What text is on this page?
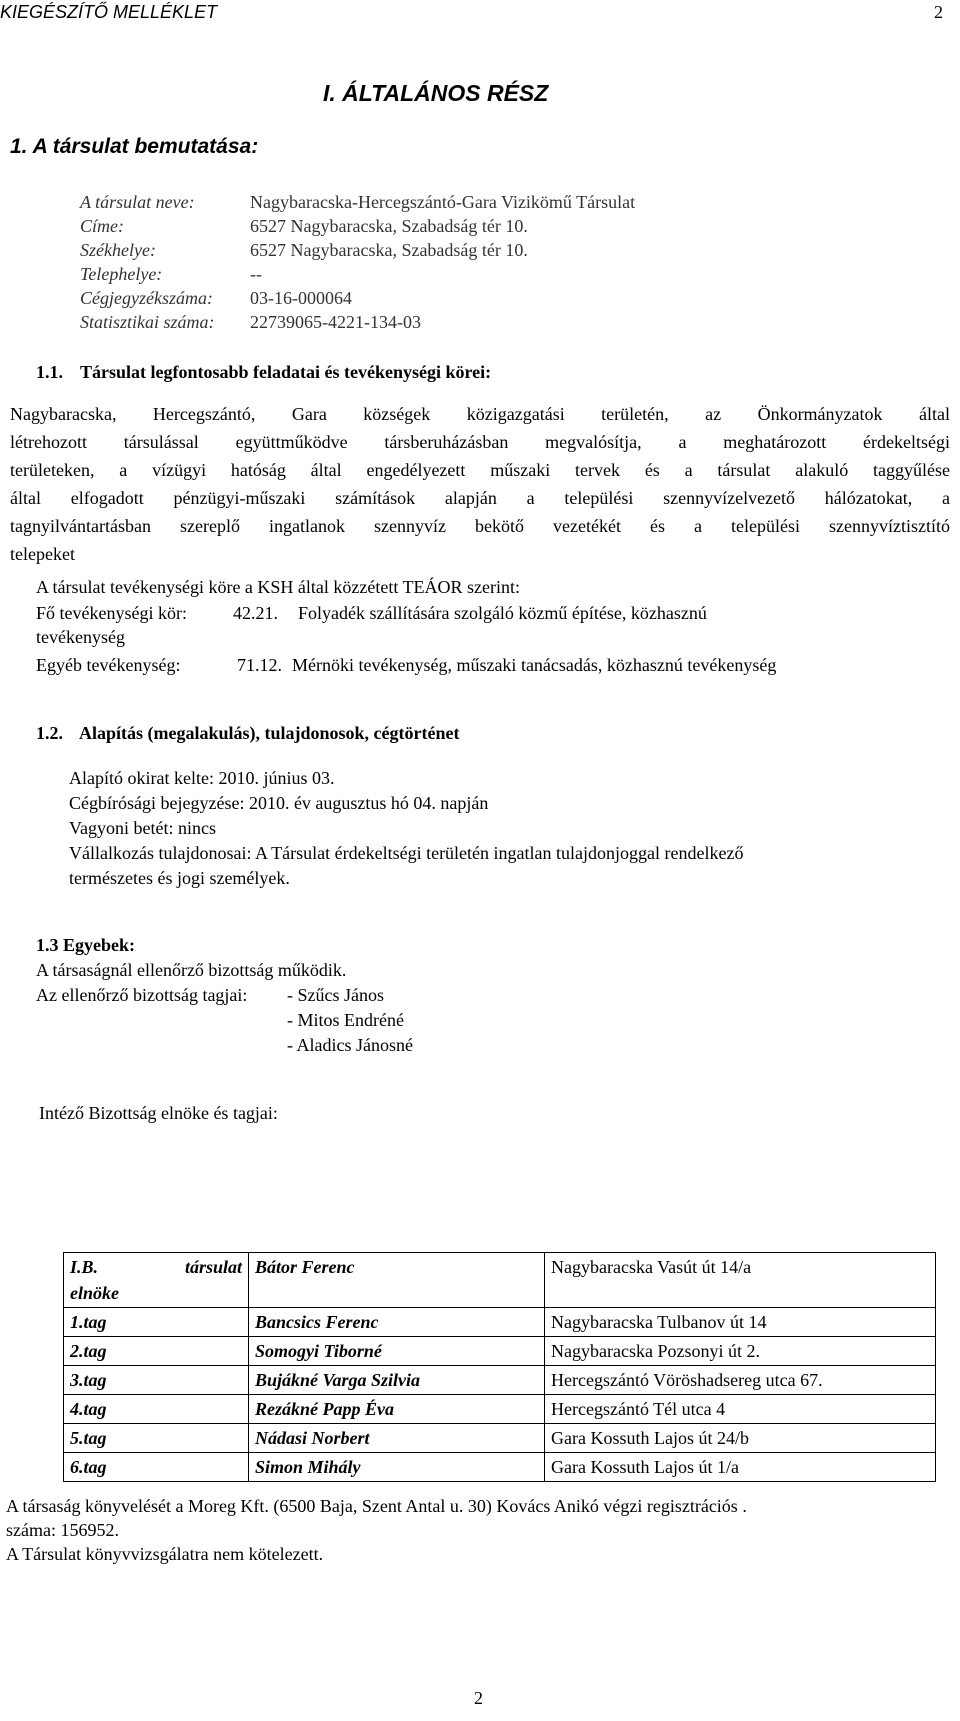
KIEGÉSZÍTŐ MELLÉKLET	2
I. ÁLTALÁNOS RÉSZ
1. A társulat bemutatása:
A társulat neve:	Nagybaracska-Hercegszántó-Gara Vizikömű Társulat
Címe:	6527 Nagybaracska, Szabadság tér 10.
Székhelye:	6527 Nagybaracska, Szabadság tér 10.
Telephelye:	--
Cégjegyzékszáma: 03-16-000064
Statisztikai száma: 22739065-4221-134-03
1.1. Társulat legfontosabb feladatai és tevékenységi körei:
Nagybaracska, Hercegszántó, Gara községek közigazgatási területén, az Önkormányzatok által
létrehozott társulással együttműködve társberuházásban megvalósítja, a meghatározott érdekeltségi
területeken, a vízügyi hatóság által engedélyezett műszaki tervek és a társulat alakuló taggyűlése
által elfogadott pénzügyi-műszaki számítások alapján a települési szennyvízelvezető hálózatokat, a
tagnyilvántartásban szereplő ingatlanok szennyvíz bekötő vezetékét és a települési szennyvíztisztító
telepeket
A társulat tevékenységi köre a KSH által közzétett TEÁOR szerint:
Fő tevékenységi kör:	42.21. Folyadék szállítására szolgáló közmű építése, közhasznú
tevékenység
Egyéb tevékenység:	71.12. Mérnöki tevékenység, műszaki tanácsadás, közhasznú tevékenység
1.2. Alapítás (megalakulás), tulajdonosok, cégtörténet
Alapító okirat kelte: 2010. június 03.
Cégbírósági bejegyzése: 2010. év augusztus hó 04. napján
Vagyoni betét: nincs
Vállalkozás tulajdonosai: A Társulat érdekeltségi területén ingatlan tulajdonjoggal rendelkező
természetes és jogi személyek.
1.3 Egyebek:
A társaságnál ellenőrző bizottság működik.
Az ellenőrző bizottság tagjai: - Szűcs János
- Mitos Endréné
- Aladics Jánosné
Intéző Bizottság elnöke és tagjai:
I.B. társulat
elnöke	Bátor Ferenc	Nagybaracska Vasút út 14/a
1.tag	Bancsics Ferenc	Nagybaracska Tulbanov út 14
2.tag	Somogyi Tiborné	Nagybaracska Pozsonyi út 2.
3.tag	Bujákné Varga Szilvia	Hercegszántó Vöröshadsereg utca 67.
4.tag	Rezákné Papp Éva	Hercegszántó Tél utca 4
5.tag	Nádasi Norbert	Gara Kossuth Lajos út 24/b
6.tag	Simon Mihály	Gara Kossuth Lajos út 1/a
A társaság könyvelését a Moreg Kft. (6500 Baja, Szent Antal u. 30) Kovács Anikó végzi regisztrációs .
száma: 156952.
A Társulat könyvvizsgálatra nem kötelezett.
2
